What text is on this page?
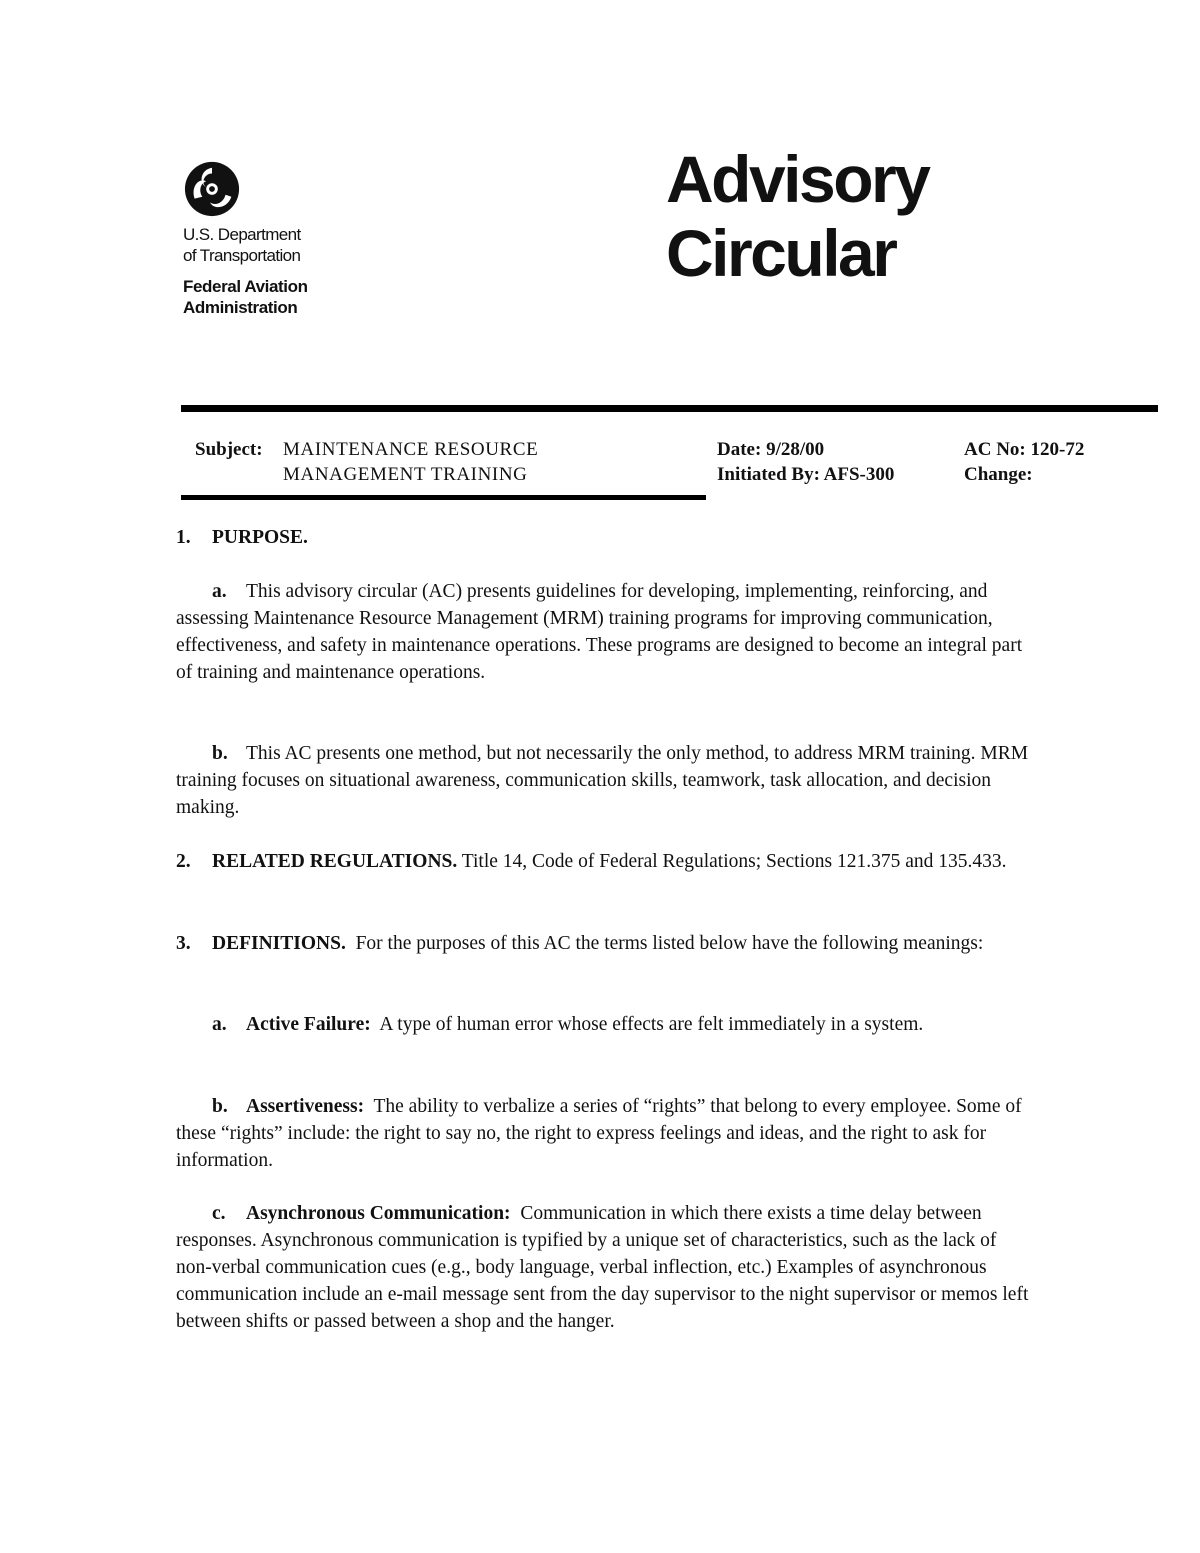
U.S. Department
of Transportation
Federal Aviation
Administration
Advisory
Circular
Subject: MAINTENANCE RESOURCE
MANAGEMENT TRAINING
Date: 9/28/00
Initiated By: AFS-300
AC No: 120-72
Change:

1. PURPOSE.

a. This advisory circular (AC) presents guidelines for developing, implementing, reinforcing, and assessing Maintenance Resource Management (MRM) training programs for improving communication, effectiveness, and safety in maintenance operations. These programs are designed to become an integral part of training and maintenance operations.

b. This AC presents one method, but not necessarily the only method, to address MRM training. MRM training focuses on situational awareness, communication skills, teamwork, task allocation, and decision making.

2. RELATED REGULATIONS. Title 14, Code of Federal Regulations; Sections 121.375 and 135.433.

3. DEFINITIONS. For the purposes of this AC the terms listed below have the following meanings:

a. Active Failure: A type of human error whose effects are felt immediately in a system.

b. Assertiveness: The ability to verbalize a series of “rights” that belong to every employee. Some of these “rights” include: the right to say no, the right to express feelings and ideas, and the right to ask for information.

c. Asynchronous Communication: Communication in which there exists a time delay between responses. Asynchronous communication is typified by a unique set of characteristics, such as the lack of non-verbal communication cues (e.g., body language, verbal inflection, etc.) Examples of asynchronous communication include an e-mail message sent from the day supervisor to the night supervisor or memos left between shifts or passed between a shop and the hanger.
